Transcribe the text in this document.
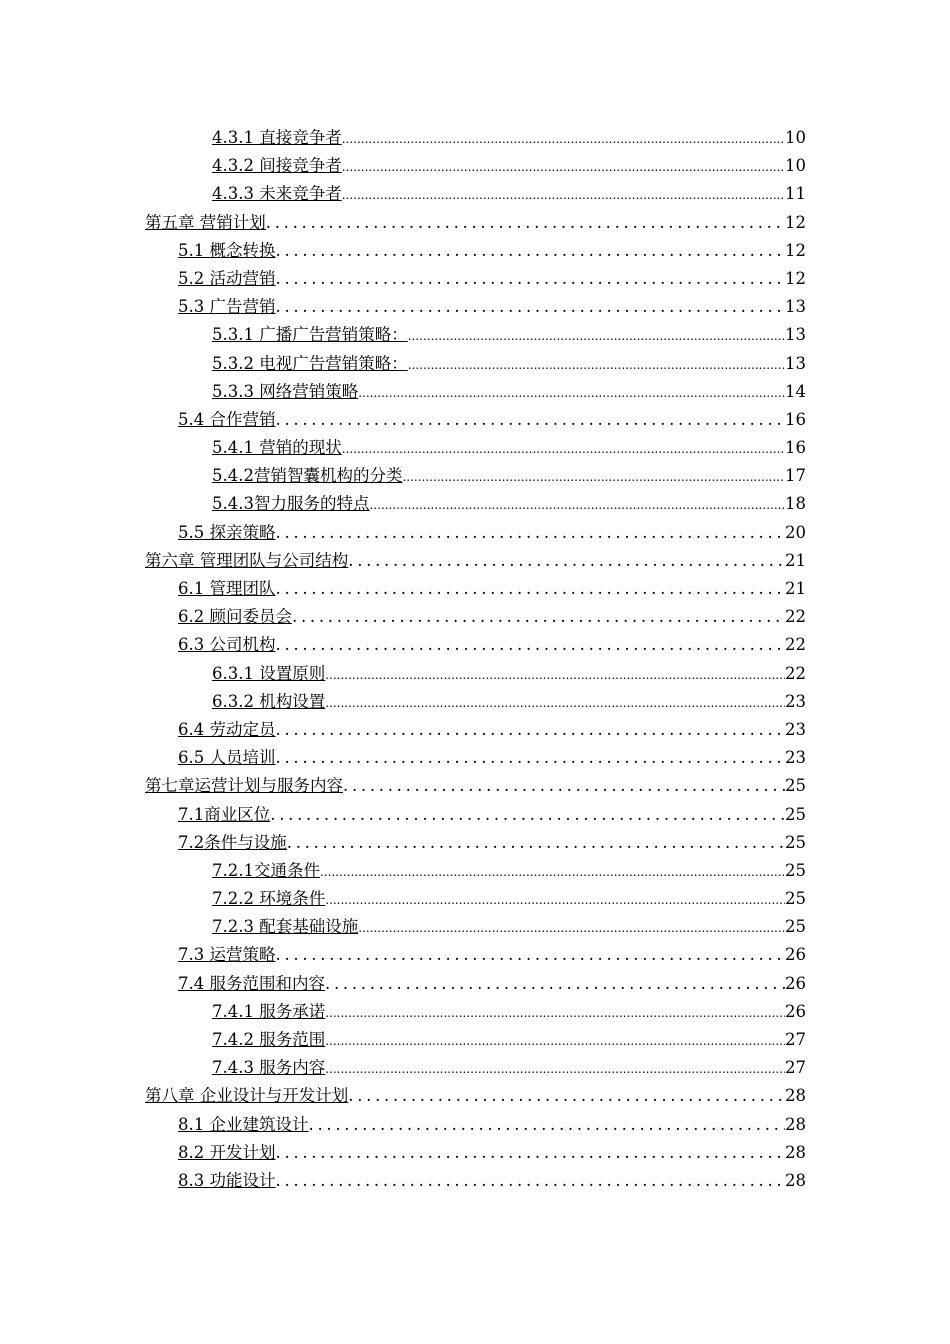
4.3.1 直接竞争者 .....	10
4.3.2 间接竞争者 .....	10
4.3.3 未来竞争者 .....	11
第五章 营销计划 .....	12
5.1 概念转换 .....	12
5.2 活动营销 .....	12
5.3 广告营销 .....	13
5.3.1 广播广告营销策略： .....	13
5.3.2 电视广告营销策略： .....	13
5.3.3 网络营销策略 .....	14
5.4 合作营销 .....	16
5.4.1 营销的现状 .....	16
5.4.2营销智囊机构的分类 .....	17
5.4.3智力服务的特点 .....	18
5.5 探亲策略 .....	20
第六章 管理团队与公司结构 .....	21
6.1 管理团队 .....	21
6.2 顾问委员会 .....	22
6.3 公司机构 .....	22
6.3.1 设置原则 .....	22
6.3.2 机构设置 .....	23
6.4 劳动定员 .....	23
6.5 人员培训 .....	23
第七章运营计划与服务内容 .....	25
7.1商业区位 .....	25
7.2条件与设施 .....	25
7.2.1交通条件 .....	25
7.2.2 环境条件 .....	25
7.2.3 配套基础设施 .....	25
7.3 运营策略 .....	26
7.4 服务范围和内容 .....	26
7.4.1 服务承诺 .....	26
7.4.2 服务范围 .....	27
7.4.3 服务内容 .....	27
第八章 企业设计与开发计划 .....	28
8.1 企业建筑设计 .....	28
8.2 开发计划 .....	28
8.3 功能设计 .....	28
